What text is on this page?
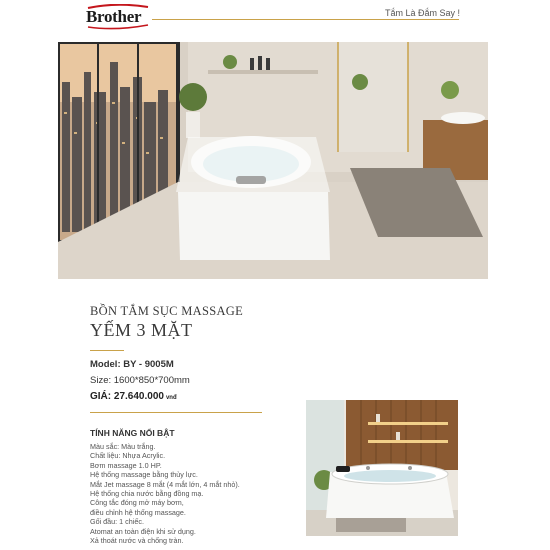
Brother	Tắm Là Đắm Say !
BỒN TẮM SỤC MASSAGE
YẾM 3 MẶT
Model: BY - 9005M
Size: 1600*850*700mm
GIÁ: 27.640.000 vnđ
TÍNH NĂNG NỔI BẬT
Màu sắc: Màu trắng.
Chất liệu: Nhựa Acrylic.
Bơm massage 1.0 HP.
Hệ thống massage bằng thủy lực.
Mắt Jet massage 8 mắt (4 mắt lớn, 4 mắt nhỏ).
Hệ thống chia nước bằng đồng mạ.
Công tắc đóng mở máy bơm,
điều chỉnh hệ thống massage.
Gối đầu: 1 chiếc.
Atomat an toàn điện khi sử dụng.
Xả thoát nước và chống tràn.
